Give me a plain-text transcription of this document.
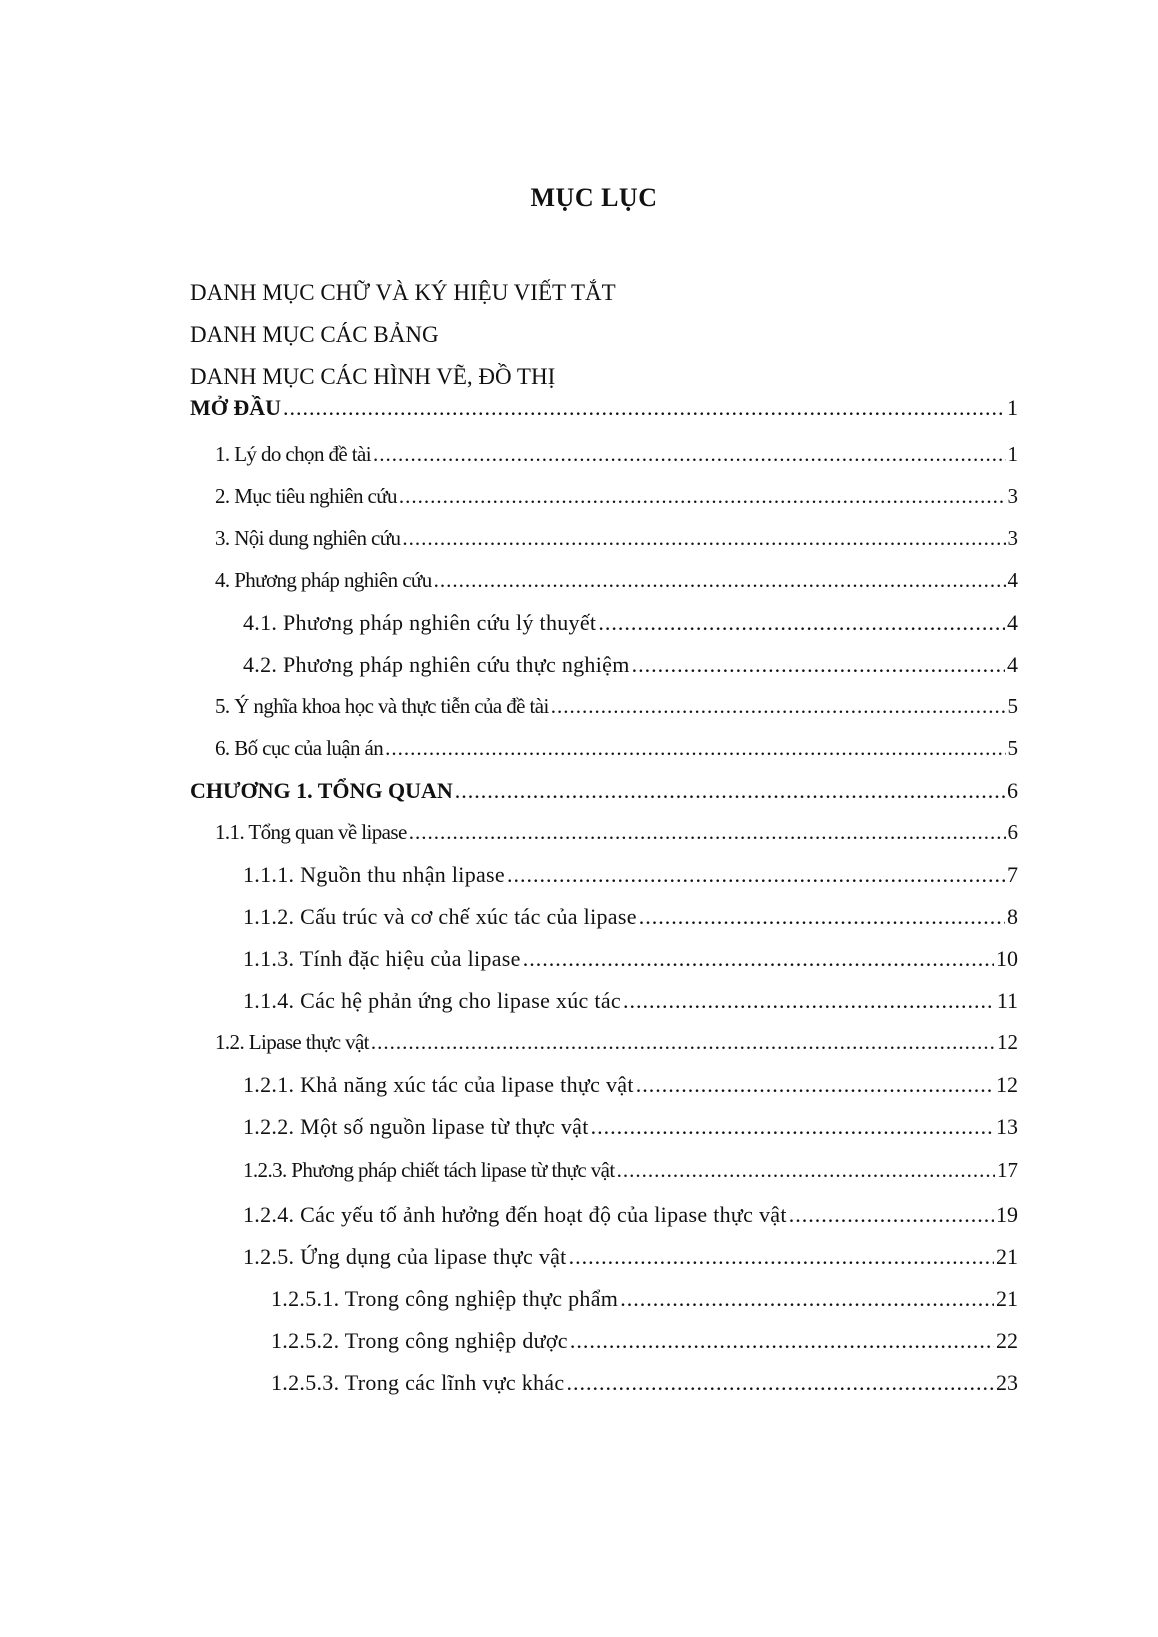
MỤC LỤC
DANH MỤC CHỮ VÀ KÝ HIỆU VIẾT TẮT
DANH MỤC CÁC BẢNG
DANH MỤC CÁC HÌNH VẼ, ĐỒ THỊ
MỞ ĐẦU .....	1
1. Lý do chọn đề tài .....	1
2. Mục tiêu nghiên cứu .....	3
3. Nội dung nghiên cứu .....	3
4. Phương pháp nghiên cứu .....	4
4.1. Phương pháp nghiên cứu lý thuyết .....	4
4.2. Phương pháp nghiên cứu thực nghiệm .....	4
5. Ý nghĩa khoa học và thực tiễn của đề tài .....	5
6. Bố cục của luận án .....	5
CHƯƠNG 1. TỔNG QUAN .....	6
1.1. Tổng quan về lipase .....	6
1.1.1. Nguồn thu nhận lipase .....	7
1.1.2. Cấu trúc và cơ chế xúc tác của lipase .....	8
1.1.3. Tính đặc hiệu của lipase .....	10
1.1.4. Các hệ phản ứng cho lipase xúc tác .....	11
1.2. Lipase thực vật .....	12
1.2.1. Khả năng xúc tác của lipase thực vật .....	12
1.2.2. Một số nguồn lipase từ thực vật .....	13
1.2.3. Phương pháp chiết tách lipase từ thực vật .....	17
1.2.4. Các yếu tố ảnh hưởng đến hoạt độ của lipase thực vật .....	19
1.2.5. Ứng dụng của lipase thực vật .....	21
1.2.5.1. Trong công nghiệp thực phẩm .....	21
1.2.5.2. Trong công nghiệp dược .....	22
1.2.5.3. Trong các lĩnh vực khác .....	23
